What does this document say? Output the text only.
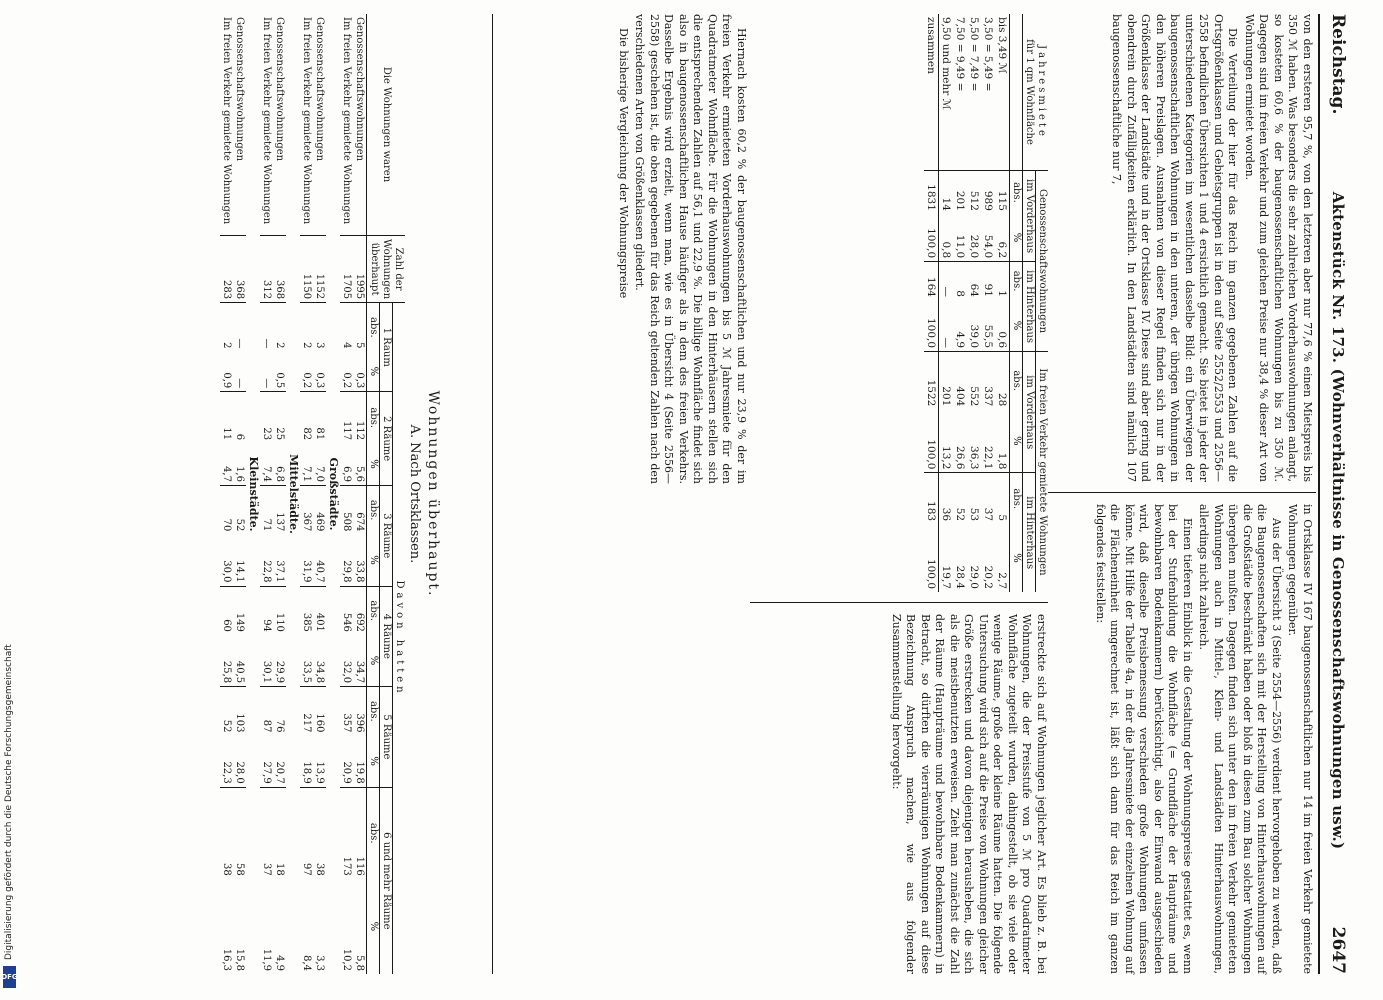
Digitalisierung gefördert durch die Deutsche Forschungsgemeinschaft
DFG
Reichstag.
Aktenstück Nr. 173. (Wohnverhältnisse in Genossenschaftswohnungen usw.)
2647

von den ersteren 95,7 %, von den letzteren aber nur 77,6 % einen Mietspreis bis 350 ℳ haben. Was besonders die sehr zahlreichen Vorderhauswohnungen anlangt, so kosteten 60,6 % der baugenossenschaftlichen Wohnungen bis zu 350 ℳ. Dagegen sind im freien Verkehr und zum gleichen Preise nur 38,4 % dieser Art von Wohnungen ermietet worden.

Die Verteilung der hier für das Reich im ganzen gegebenen Zahlen auf die Ortsgrößenklassen und Gebietsgruppen ist in den auf Seite 2552/2553 und 2556—2558 befindlichen Übersichten 1 und 4 ersichtlich gemacht. Sie bietet in jeder der unterschiedenen Kategorien im wesentlichen dasselbe Bild: ein Überwiegen der baugenossenschaftlichen Wohnungen in den unteren, der übrigen Wohnungen in den höheren Preislagen. Ausnahmen von dieser Regel finden sich nur in der Größenklasse der Landstädte und in der Ortsklasse IV. Diese sind aber gering und obendrein durch Zufälligkeiten erklärlich. In den Landstädten sind nämlich 107 baugenossenschaftliche nur 7,

in Ortsklasse IV 167 baugenossenschaftlichen nur 14 im freien Verkehr gemietete Wohnungen gegenüber.

Aus der Übersicht 3 (Seite 2554—2556) verdient hervorgehoben zu werden, daß die Baugenossenschaften sich mit der Herstellung von Hinterhauswohnungen auf die Großstädte beschränkt haben oder bloß in diesen zum Bau solcher Wohnungen übergehen mußten. Dagegen finden sich unter den im freien Verkehr gemieteten Wohnungen auch in Mittel-, Klein- und Landstädten Hinterhauswohnungen, allerdings nicht zahlreich.

Einen tieferen Einblick in die Gestaltung der Wohnungspreise gestattet es, wenn bei der Stufenbildung die Wohnfläche (= Grundfläche der Haupträume und bewohnbaren Bodenkammern) berücksichtigt, also der Einwand ausgeschieden wird, daß dieselbe Preisbemessung verschieden große Wohnungen umfassen könne. Mit Hilfe der Tabelle 4a, in der die Jahresmiete der einzelnen Wohnung auf die Flächeneinheit umgerechnet ist, läßt sich dann für das Reich im ganzen folgendes feststellen:

Jahresmiete
für 1 qm Wohnfläche	Genossenschaftswohnungen				Im freien Verkehr gemietete Wohnungen			
	im Vorderhaus		im Hinterhaus		im Vorderhaus		im Hinterhaus	
	abs.	%	abs.	%	abs.	%	abs.	%
bis 3,49 ℳ	115	6,2	1	0,6	28	1,8	5	2,7
3,50 = 5,49 =	989	54,0	91	55,5	337	22,1	37	20,2
5,50 = 7,49 =	512	28,0	64	39,0	552	36,3	53	29,0
7,50 = 9,49 =	201	11,0	8	4,9	404	26,6	52	28,4
9,50 und mehr ℳ	14	0,8	—	—	201	13,2	36	19,7
zusammen	1831	100,0	164	100,0	1522	100,0	183	100,0

Hiernach kosten 60,2 % der baugenossenschaftlichen und nur 23,9 % der im freien Verkehr ermieteten Vorderhauswohnungen bis 5 ℳ Jahresmiete für den Quadratmeter Wohnfläche. Für die Wohnungen in den Hinterhäusern stellen sich die entsprechenden Zahlen auf 56,1 und 22,9 %. Die billige Wohnfläche findet sich also in baugenossenschaftlichen Hause häufiger als in dem des freien Verkehrs. Dasselbe Ergebnis wird erzielt, wenn man, wie es in Übersicht 4 (Seite 2556—2558) geschehen ist, die oben gegebenen für das Reich geltenden Zahlen nach den verschiedenen Arten von Größenklassen gliedert.

Die bisherige Vergleichung der Wohnungspreise

erstreckte sich auf Wohnungen jeglicher Art. Es blieb z. B. bei Wohnungen, die der Preisstufe von 5 ℳ pro Quadratmeter Wohnfläche zugeteilt wurden, dahingestellt, ob sie viele oder wenige Räume, große oder kleine Räume hatten. Die folgende Untersuchung wird sich auf die Preise von Wohnungen gleicher Größe erstrecken und davon diejenigen herausheben, die sich als die meistbenutzten erweisen. Zieht man zunächst die Zahl der Räume (Haupträume und bewohnbare Bodenkammern) in Betracht, so dürften die vierräumigen Wohnungen auf diese Bezeichnung Anspruch machen, wie aus folgender Zusammenstellung hervorgeht:

Wohnungen überhaupt.
A. Nach Ortsklassen.
Die Wohnungen waren	Zahl der Wohnungen überhaupt	Davon hatten											
		1 Raum		2 Räume		3 Räume		4 Räume		5 Räume		6 und mehr Räume	
		abs.	%	abs.	%	abs.	%	abs.	%	abs.	%	abs.	%
Genossenschaftswohnungen	1995	5	0,3	112	5,6	674	33,8	692	34,7	396	19,8	116	5,8
Im freien Verkehr gemietete Wohnungen	1705	4	0,2	117	6,9	508	29,8	546	32,0	357	20,9	173	10,2
Großstädte.													
Genossenschaftswohnungen	1152	3	0,3	81	7,0	469	40,7	401	34,8	160	13,9	38	3,3
Im freien Verkehr gemietete Wohnungen	1150	2	0,2	82	7,1	367	31,9	385	33,5	217	18,9	97	8,4
Mittelstädte.													
Genossenschaftswohnungen	368	2	0,5	25	6,8	137	37,1	110	29,9	76	20,7	18	4,9
Im freien Verkehr gemietete Wohnungen	312	—	—	23	7,4	71	22,8	94	30,1	87	27,9	37	11,9
Kleinstädte.													
Genossenschaftswohnungen	368	—	—	6	1,6	52	14,1	149	40,5	103	28,0	58	15,8
Im freien Verkehr gemietete Wohnungen	283	2	0,9	11	4,7	70	30,0	60	25,8	52	22,3	38	16,3
